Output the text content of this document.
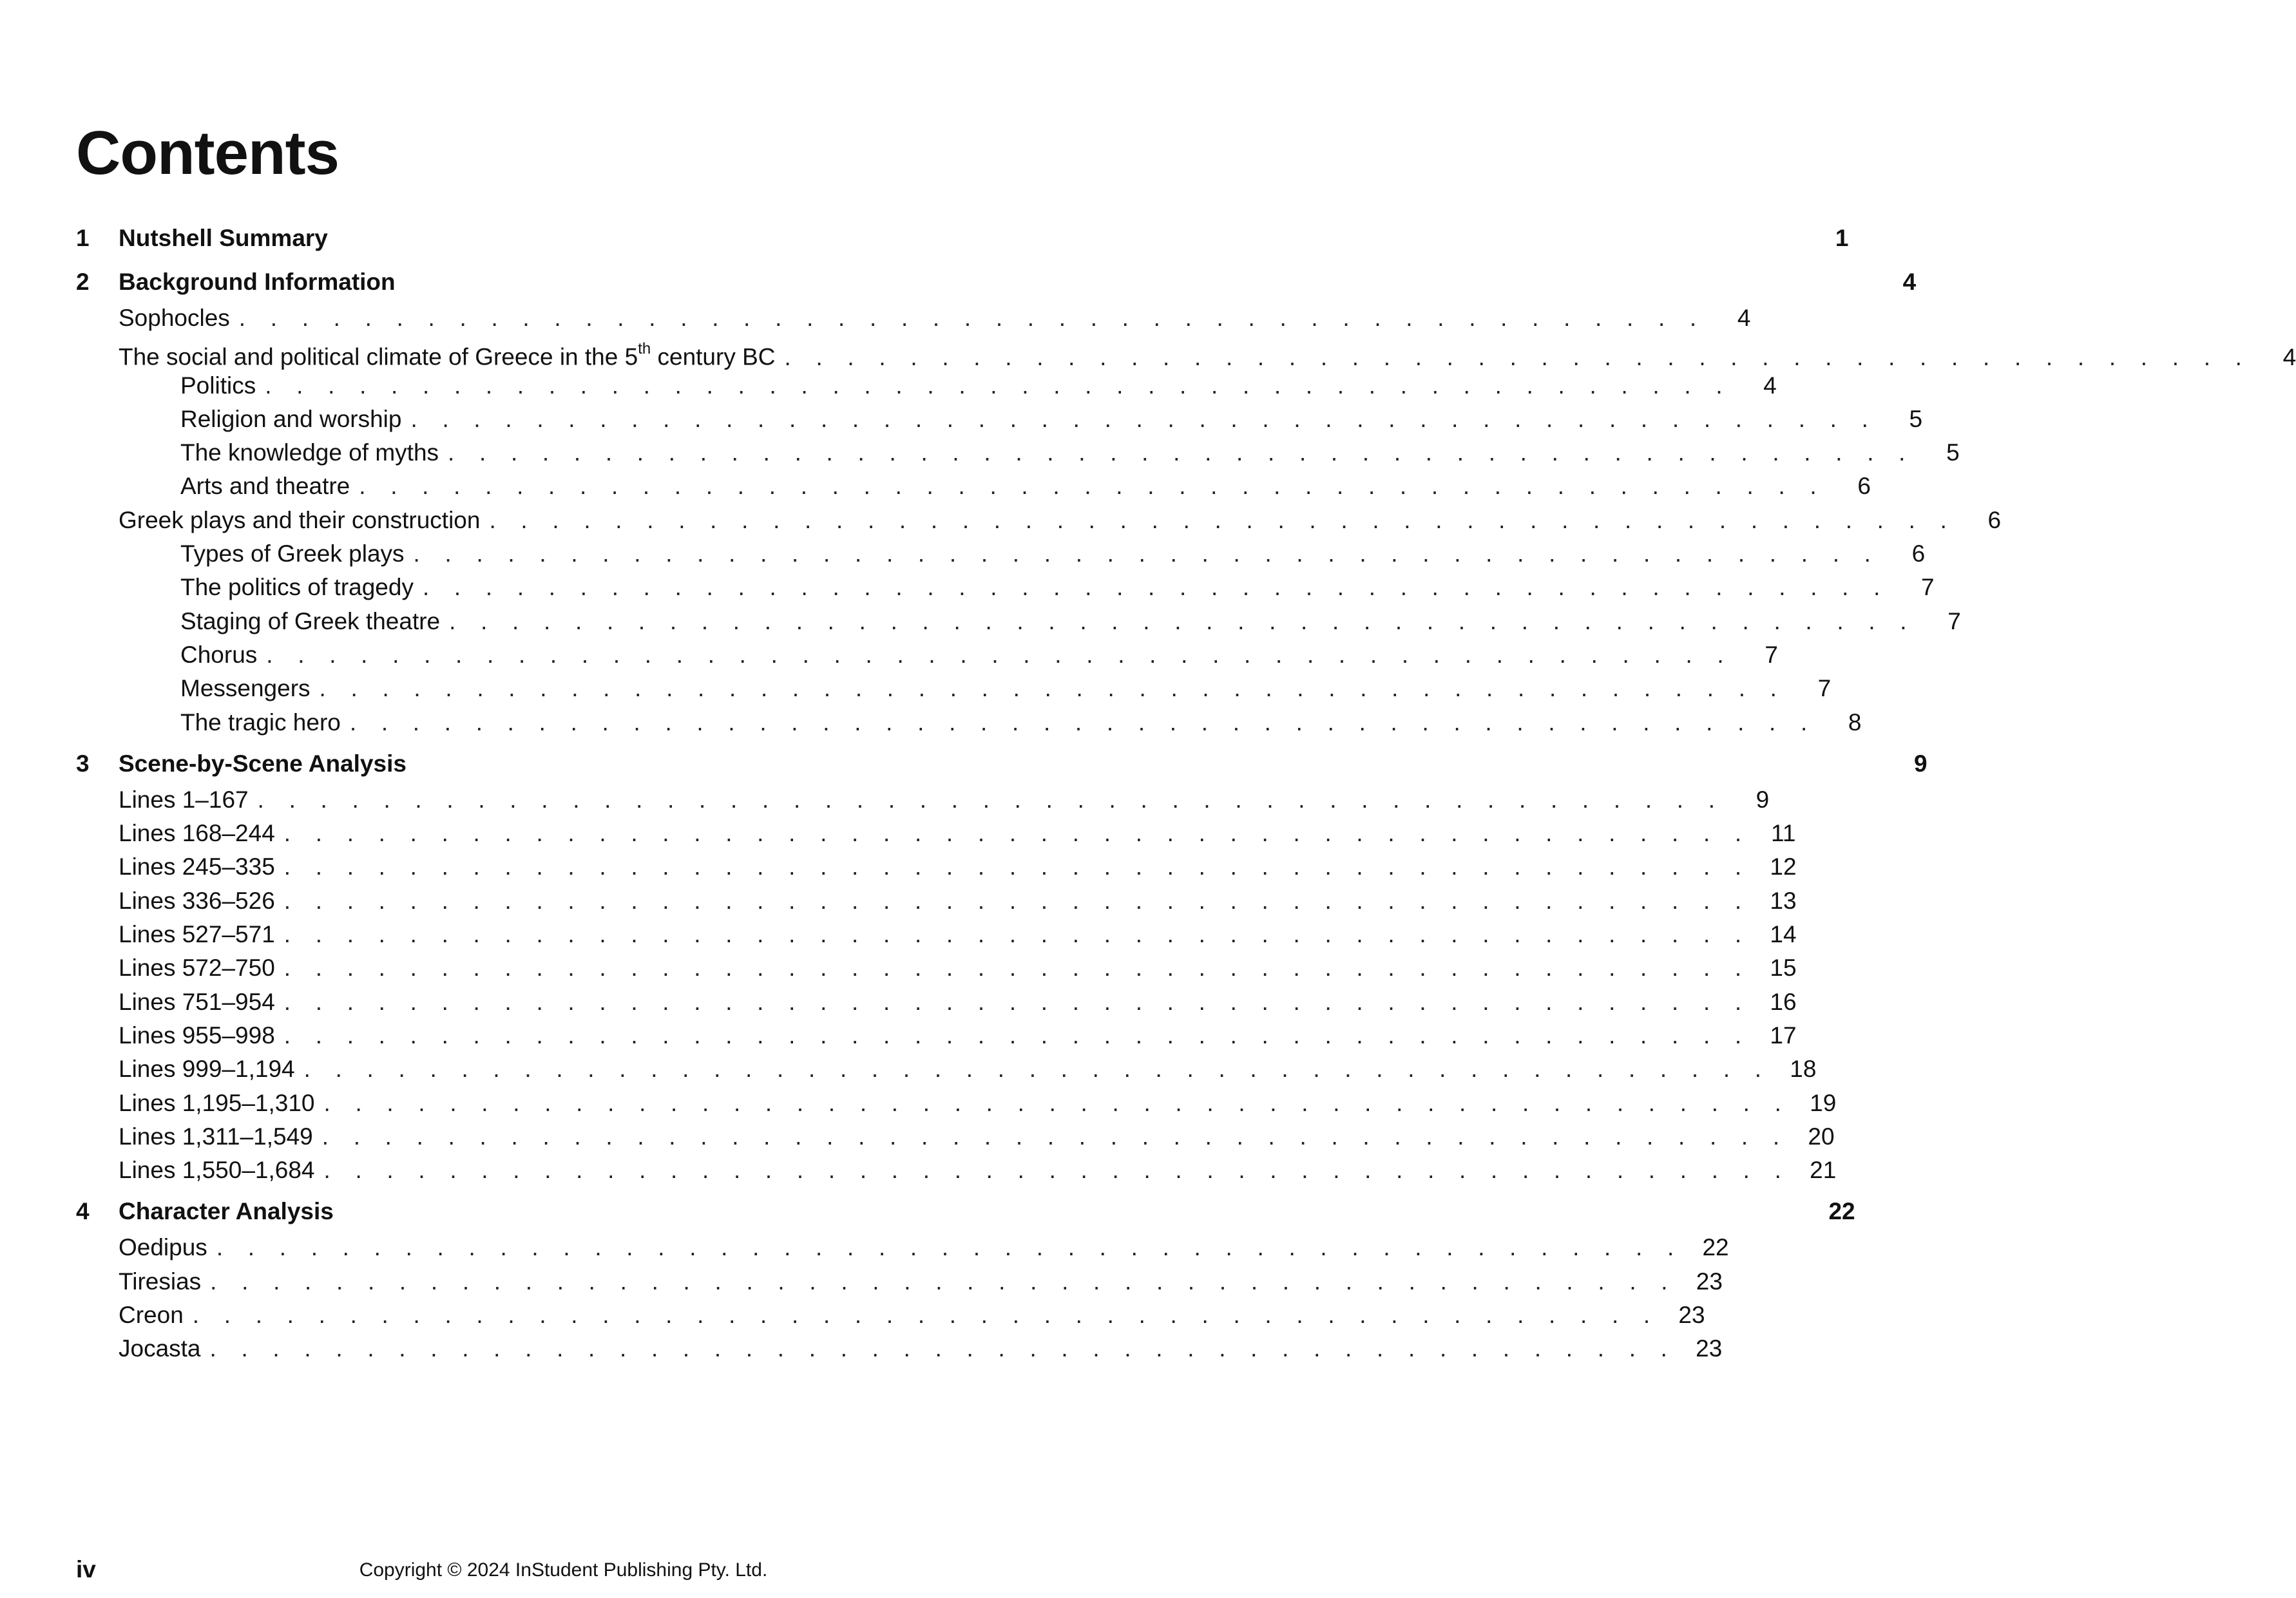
Contents
1	Nutshell Summary	1
2	Background Information	4
Sophocles . . . . . . . . . . . . . . . . . . . . . . . . . . . . . . . . . . . . . . . . . . . . . . .	4
The social and political climate of Greece in the 5th century BC . . . . . . . . . . . . . . . . . . . . . . . . . . . . . . . . . . . . . . . . . . . . . . .	4
Politics . . . . . . . . . . . . . . . . . . . . . . . . . . . . . . . . . . . . . . . . . . . . . . .	4
Religion and worship . . . . . . . . . . . . . . . . . . . . . . . . . . . . . . . . . . . . . . . . . . . . . . .	5
The knowledge of myths . . . . . . . . . . . . . . . . . . . . . . . . . . . . . . . . . . . . . . . . . . . . . . .	5
Arts and theatre . . . . . . . . . . . . . . . . . . . . . . . . . . . . . . . . . . . . . . . . . . . . . . .	6
Greek plays and their construction . . . . . . . . . . . . . . . . . . . . . . . . . . . . . . . . . . . . . . . . . . . . . . .	6
Types of Greek plays . . . . . . . . . . . . . . . . . . . . . . . . . . . . . . . . . . . . . . . . . . . . . . .	6
The politics of tragedy . . . . . . . . . . . . . . . . . . . . . . . . . . . . . . . . . . . . . . . . . . . . . . .	7
Staging of Greek theatre . . . . . . . . . . . . . . . . . . . . . . . . . . . . . . . . . . . . . . . . . . . . . . .	7
Chorus . . . . . . . . . . . . . . . . . . . . . . . . . . . . . . . . . . . . . . . . . . . . . . .	7
Messengers . . . . . . . . . . . . . . . . . . . . . . . . . . . . . . . . . . . . . . . . . . . . . . .	7
The tragic hero . . . . . . . . . . . . . . . . . . . . . . . . . . . . . . . . . . . . . . . . . . . . . . .	8
3	Scene-by-Scene Analysis	9
Lines 1–167 . . . . . . . . . . . . . . . . . . . . . . . . . . . . . . . . . . . . . . . . . . . . . . .	9
Lines 168–244 . . . . . . . . . . . . . . . . . . . . . . . . . . . . . . . . . . . . . . . . . . . . . . . 11
Lines 245–335 . . . . . . . . . . . . . . . . . . . . . . . . . . . . . . . . . . . . . . . . . . . . . . . 12
Lines 336–526 . . . . . . . . . . . . . . . . . . . . . . . . . . . . . . . . . . . . . . . . . . . . . . . 13
Lines 527–571 . . . . . . . . . . . . . . . . . . . . . . . . . . . . . . . . . . . . . . . . . . . . . . . 14
Lines 572–750 . . . . . . . . . . . . . . . . . . . . . . . . . . . . . . . . . . . . . . . . . . . . . . . 15
Lines 751–954 . . . . . . . . . . . . . . . . . . . . . . . . . . . . . . . . . . . . . . . . . . . . . . . 16
Lines 955–998 . . . . . . . . . . . . . . . . . . . . . . . . . . . . . . . . . . . . . . . . . . . . . . . 17
Lines 999–1,194 . . . . . . . . . . . . . . . . . . . . . . . . . . . . . . . . . . . . . . . . . . . . . . . 18
Lines 1,195–1,310 . . . . . . . . . . . . . . . . . . . . . . . . . . . . . . . . . . . . . . . . . . . . . . . 19
Lines 1,311–1,549 . . . . . . . . . . . . . . . . . . . . . . . . . . . . . . . . . . . . . . . . . . . . . . . 20
Lines 1,550–1,684 . . . . . . . . . . . . . . . . . . . . . . . . . . . . . . . . . . . . . . . . . . . . . . . 21
4	Character Analysis	22
Oedipus . . . . . . . . . . . . . . . . . . . . . . . . . . . . . . . . . . . . . . . . . . . . . . . 22
Tiresias . . . . . . . . . . . . . . . . . . . . . . . . . . . . . . . . . . . . . . . . . . . . . . . 23
Creon . . . . . . . . . . . . . . . . . . . . . . . . . . . . . . . . . . . . . . . . . . . . . . . 23
Jocasta . . . . . . . . . . . . . . . . . . . . . . . . . . . . . . . . . . . . . . . . . . . . . . . 23
iv	Copyright © 2024 InStudent Publishing Pty. Ltd.
